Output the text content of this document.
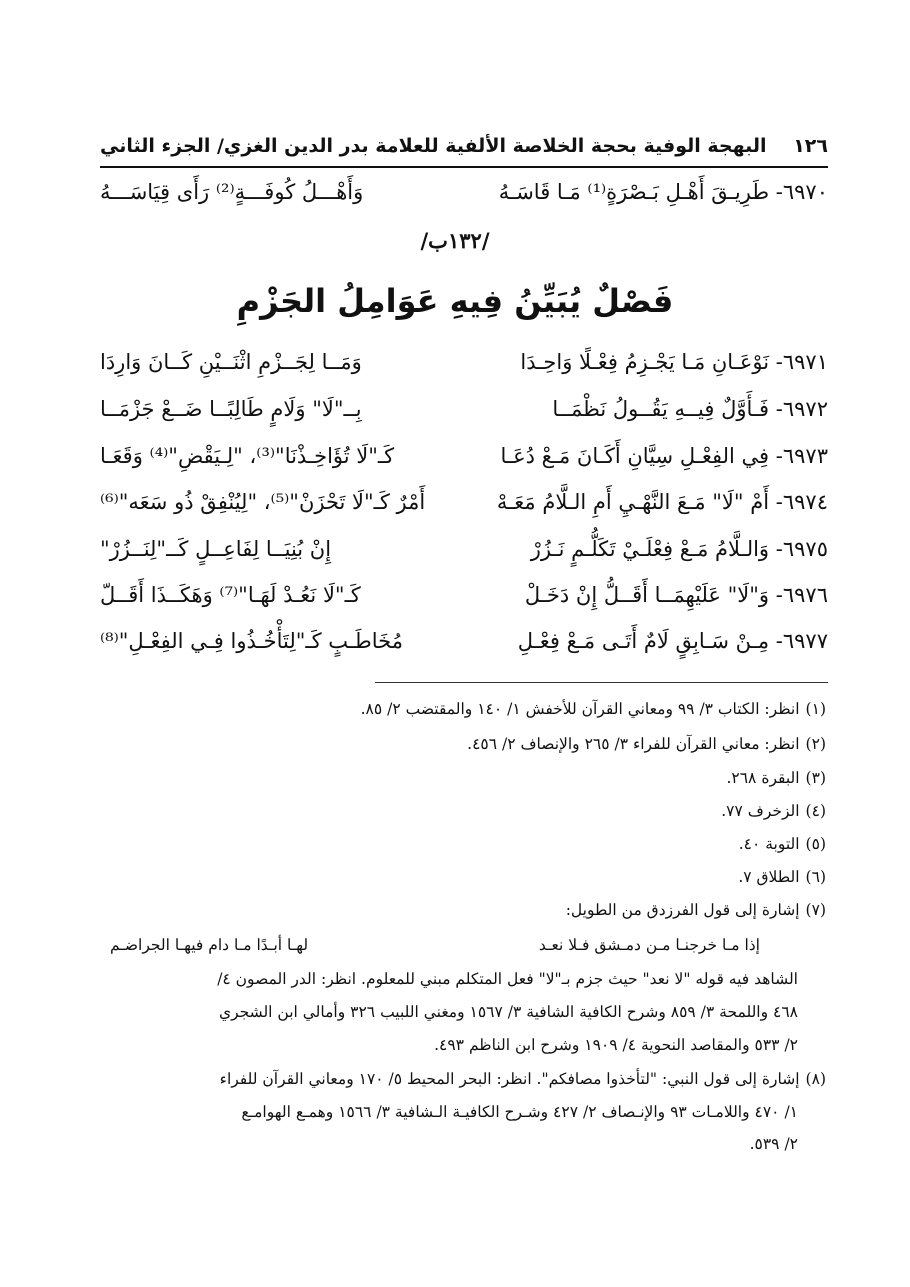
١٢٦
البهجة الوفية بحجة الخلاصة الألفية للعلامة بدر الدين الغزي/ الجزء الثاني
٦٩٧٠- طَرِيـقَ أَهْـلِ بَـصْرَةٍ⁽¹⁾ مَـا قَاسَـهُ
وَأَهْـــلُ كُوفَـــةٍ⁽²⁾ رَأَى قِيَاسَـــهُ
/١٣٢ب/
فَصْلٌ يُبَيِّنُ فِيهِ عَوَامِلُ الجَزْمِ
٦٩٧١- نَوْعَـانِ مَـا يَجْـزِمُ فِعْـلًا وَاحِـدَا
وَمَــا لِجَــزْمِ اثْنَــيْنِ كَــانَ وَارِدَا
٦٩٧٢- فَـأَوَّلٌ فِيــهِ يَقُــولُ نَظْمَــا
بِــ"لَا" وَلَامٍ طَالِبًــا ضَــعْ جَزْمَــا
٦٩٧٣- فِي الفِعْـلِ سِيَّانِ أَكَـانَ مَـعْ دُعَـا
كَـ"لَا تُؤَاخِـذْنَا"⁽³⁾، "لِـيَقْضِ"⁽⁴⁾ وَقَعَـا
٦٩٧٤- أَمْ "لَا" مَـعَ النَّهْـيِ أَمِ الـلَّامُ مَعَـهْ
أَمْرٌ كَـ"لَا تَحْزَنْ"⁽⁵⁾، "لِيُنْفِقْ ذُو سَعَه"⁽⁶⁾
٦٩٧٥- وَالـلَّامُ مَـعْ فِعْلَـيْ تَكَلُّـمٍ نَـزُرْ
إِنْ بُنِيَــا لِفَاعِــلٍ كَــ"لِنَــزُرْ"
٦٩٧٦- وَ"لَا" عَلَيْهِمَــا أَقَــلُّ إِنْ دَخَـلْ
كَـ"لَا نَعُـدْ لَهَـا"⁽⁷⁾ وَهَكَــذَا أَقَــلّ
٦٩٧٧- مِـنْ سَـابِقٍ لَامٌ أَتَـى مَـعْ فِعْـلِ
مُخَاطَـبٍ كَـ"لِتَأْخُـذُوا فِـي الفِعْـلِ"⁽⁸⁾
(١)انظر: الكتاب ٣/ ٩٩ ومعاني القرآن للأخفش ١/ ١٤٠ والمقتضب ٢/ ٨٥.
(٢)انظر: معاني القرآن للفراء ٣/ ٢٦٥ والإنصاف ٢/ ٤٥٦.
(٣)البقرة ٢٦٨.
(٤)الزخرف ٧٧.
(٥)التوبة ٤٠.
(٦)الطلاق ٧.
(٧)إشارة إلى قول الفرزدق من الطويل:
إذا مـا خرجنـا مـن دمـشق فـلا نعـد
لهـا أبـدًا مـا دام فيهـا الجراضـم
الشاهد فيه قوله "لا نعد" حيث جزم بـ"لا" فعل المتكلم مبني للمعلوم. انظر: الدر المصون ٤/
٤٦٨ واللمحة ٣/ ٨٥٩ وشرح الكافية الشافية ٣/ ١٥٦٧ ومغني اللبيب ٣٢٦ وأمالي ابن الشجري
٢/ ٥٣٣ والمقاصد النحوية ٤/ ١٩٠٩ وشرح ابن الناظم ٤٩٣.
(٨)إشارة إلى قول النبي: "لتأخذوا مصافكم". انظر: البحر المحيط ٥/ ١٧٠ ومعاني القرآن للفراء
١/ ٤٧٠ واللامـات ٩٣ والإنـصاف ٢/ ٤٢٧ وشـرح الكافيـة الـشافية ٣/ ١٥٦٦ وهمـع الهوامـع
٢/ ٥٣٩.
